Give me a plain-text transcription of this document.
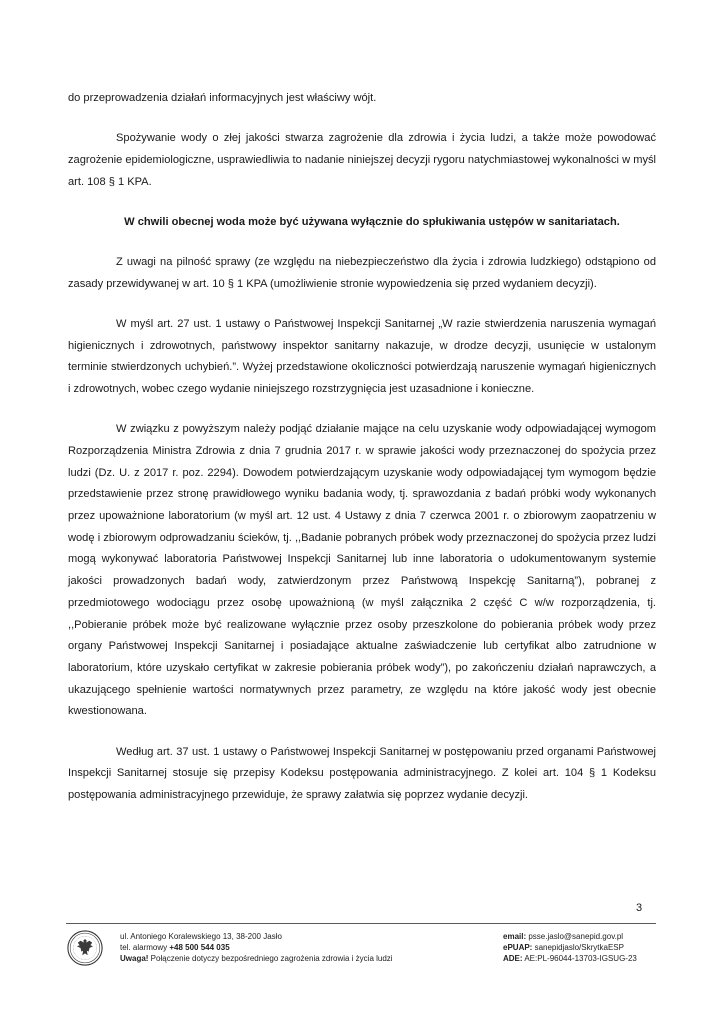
do przeprowadzenia działań informacyjnych jest właściwy wójt.

Spożywanie wody o złej jakości stwarza zagrożenie dla zdrowia i życia ludzi, a także może powodować zagrożenie epidemiologiczne, usprawiedliwia to nadanie niniejszej decyzji rygoru natychmiastowej wykonalności w myśl art. 108 § 1 KPA.

W chwili obecnej woda może być używana wyłącznie do spłukiwania ustępów w sanitariatach.

Z uwagi na pilność sprawy (ze względu na niebezpieczeństwo dla życia i zdrowia ludzkiego) odstąpiono od zasady przewidywanej w art. 10 § 1 KPA (umożliwienie stronie wypowiedzenia się przed wydaniem decyzji).

W myśl art. 27 ust. 1 ustawy o Państwowej Inspekcji Sanitarnej „W razie stwierdzenia naruszenia wymagań higienicznych i zdrowotnych, państwowy inspektor sanitarny nakazuje, w drodze decyzji, usunięcie w ustalonym terminie stwierdzonych uchybień.”. Wyżej przedstawione okoliczności potwierdzają naruszenie wymagań higienicznych i zdrowotnych, wobec czego wydanie niniejszego rozstrzygnięcia jest uzasadnione i konieczne.

W związku z powyższym należy podjąć działanie mające na celu uzyskanie wody odpowiadającej wymogom Rozporządzenia Ministra Zdrowia z dnia 7 grudnia 2017 r. w sprawie jakości wody przeznaczonej do spożycia przez ludzi (Dz. U. z 2017 r. poz. 2294). Dowodem potwierdzającym uzyskanie wody odpowiadającej tym wymogom będzie przedstawienie przez stronę prawidłowego wyniku badania wody, tj. sprawozdania z badań próbki wody wykonanych przez upoważnione laboratorium (w myśl art. 12 ust. 4 Ustawy z dnia 7 czerwca 2001 r. o zbiorowym zaopatrzeniu w wodę i zbiorowym odprowadzaniu ścieków, tj. ,,Badanie pobranych próbek wody przeznaczonej do spożycia przez ludzi mogą wykonywać laboratoria Państwowej Inspekcji Sanitarnej lub inne laboratoria o udokumentowanym systemie jakości prowadzonych badań wody, zatwierdzonym przez Państwową Inspekcję Sanitarną”), pobranej z przedmiotowego wodociągu przez osobę upoważnioną (w myśl załącznika 2 część C w/w rozporządzenia, tj. ,,Pobieranie próbek może być realizowane wyłącznie przez osoby przeszkolone do pobierania próbek wody przez organy Państwowej Inspekcji Sanitarnej i posiadające aktualne zaświadczenie lub certyfikat albo zatrudnione w laboratorium, które uzyskało certyfikat w zakresie pobierania próbek wody”), po zakończeniu działań naprawczych, a ukazującego spełnienie wartości normatywnych przez parametry, ze względu na które jakość wody jest obecnie kwestionowana.

Według art. 37 ust. 1 ustawy o Państwowej Inspekcji Sanitarnej w postępowaniu przed organami Państwowej Inspekcji Sanitarnej stosuje się przepisy Kodeksu postępowania administracyjnego. Z kolei art. 104 § 1 Kodeksu postępowania administracyjnego przewiduje, że sprawy załatwia się poprzez wydanie decyzji.

3
ul. Antoniego Koralewskiego 13, 38-200 Jasło
tel. alarmowy +48 500 544 035
Uwaga! Połączenie dotyczy bezpośredniego zagrożenia zdrowia i życia ludzi
email: psse.jaslo@sanepid.gov.pl
ePUAP: sanepidjaslo/SkrytkaESP
ADE: AE:PL-96044-13703-IGSUG-23
